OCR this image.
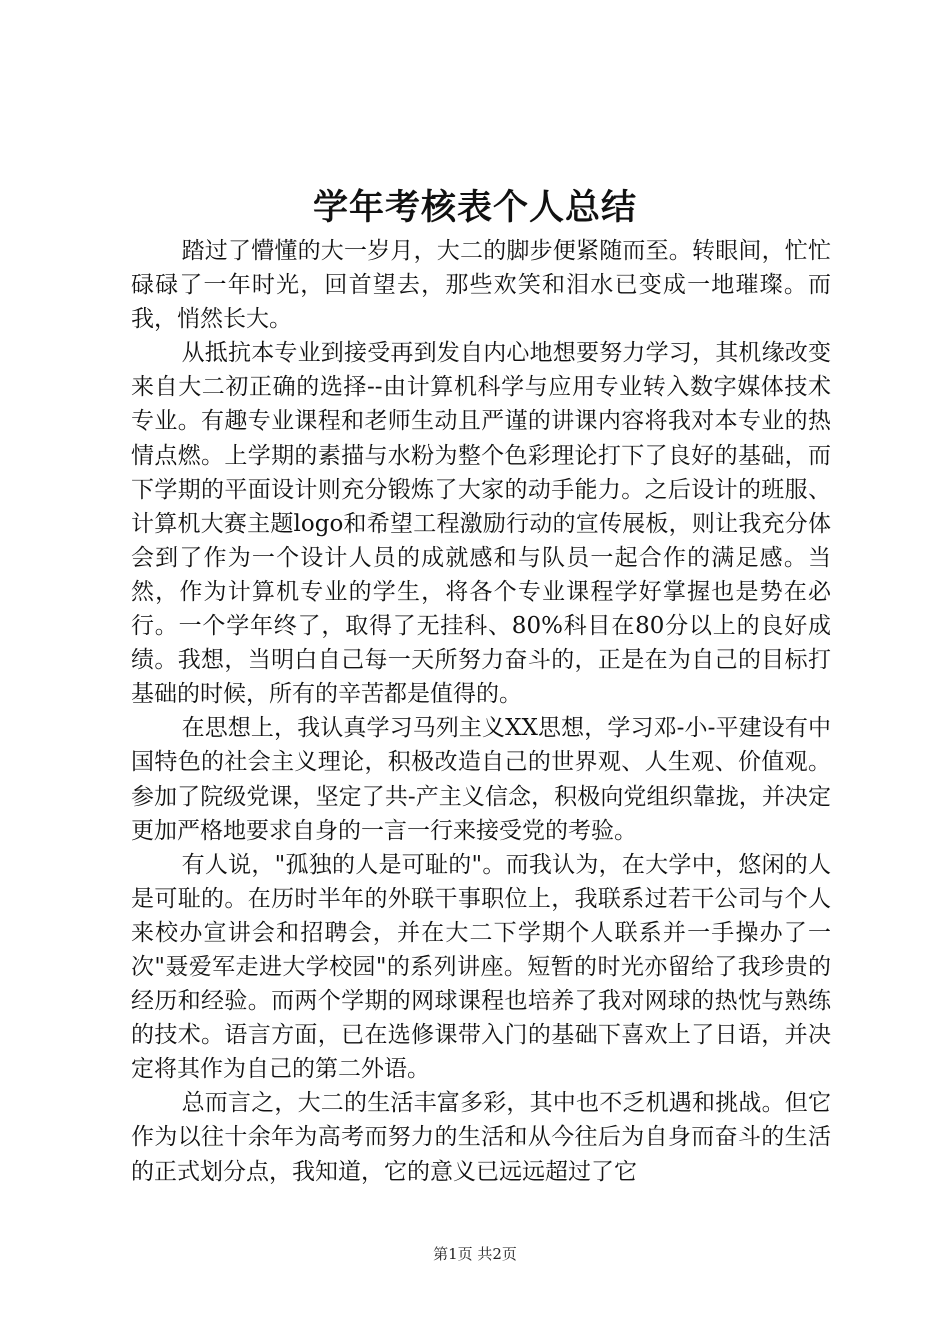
学年考核表个人总结

踏过了懵懂的大一岁月，大二的脚步便紧随而至。转眼间，忙忙碌碌了一年时光，回首望去，那些欢笑和泪水已变成一地璀璨。而我，悄然长大。

从抵抗本专业到接受再到发自内心地想要努力学习，其机缘改变来自大二初正确的选择--由计算机科学与应用专业转入数字媒体技术专业。有趣专业课程和老师生动且严谨的讲课内容将我对本专业的热情点燃。上学期的素描与水粉为整个色彩理论打下了良好的基础，而下学期的平面设计则充分锻炼了大家的动手能力。之后设计的班服、计算机大赛主题logo和希望工程激励行动的宣传展板，则让我充分体会到了作为一个设计人员的成就感和与队员一起合作的满足感。当然，作为计算机专业的学生，将各个专业课程学好掌握也是势在必行。一个学年终了，取得了无挂科、80%科目在80分以上的良好成绩。我想，当明白自己每一天所努力奋斗的，正是在为自己的目标打基础的时候，所有的辛苦都是值得的。

在思想上，我认真学习马列主义XX思想，学习邓-小-平建设有中国特色的社会主义理论，积极改造自己的世界观、人生观、价值观。参加了院级党课，坚定了共-产主义信念，积极向党组织靠拢，并决定更加严格地要求自身的一言一行来接受党的考验。

有人说，"孤独的人是可耻的"。而我认为，在大学中，悠闲的人是可耻的。在历时半年的外联干事职位上，我联系过若干公司与个人来校办宣讲会和招聘会，并在大二下学期个人联系并一手操办了一次"聂爱军走进大学校园"的系列讲座。短暂的时光亦留给了我珍贵的经历和经验。而两个学期的网球课程也培养了我对网球的热忱与熟练的技术。语言方面，已在选修课带入门的基础下喜欢上了日语，并决定将其作为自己的第二外语。

总而言之，大二的生活丰富多彩，其中也不乏机遇和挑战。但它作为以往十余年为高考而努力的生活和从今往后为自身而奋斗的生活的正式划分点，我知道，它的意义已远远超过了它

第1页 共2页
